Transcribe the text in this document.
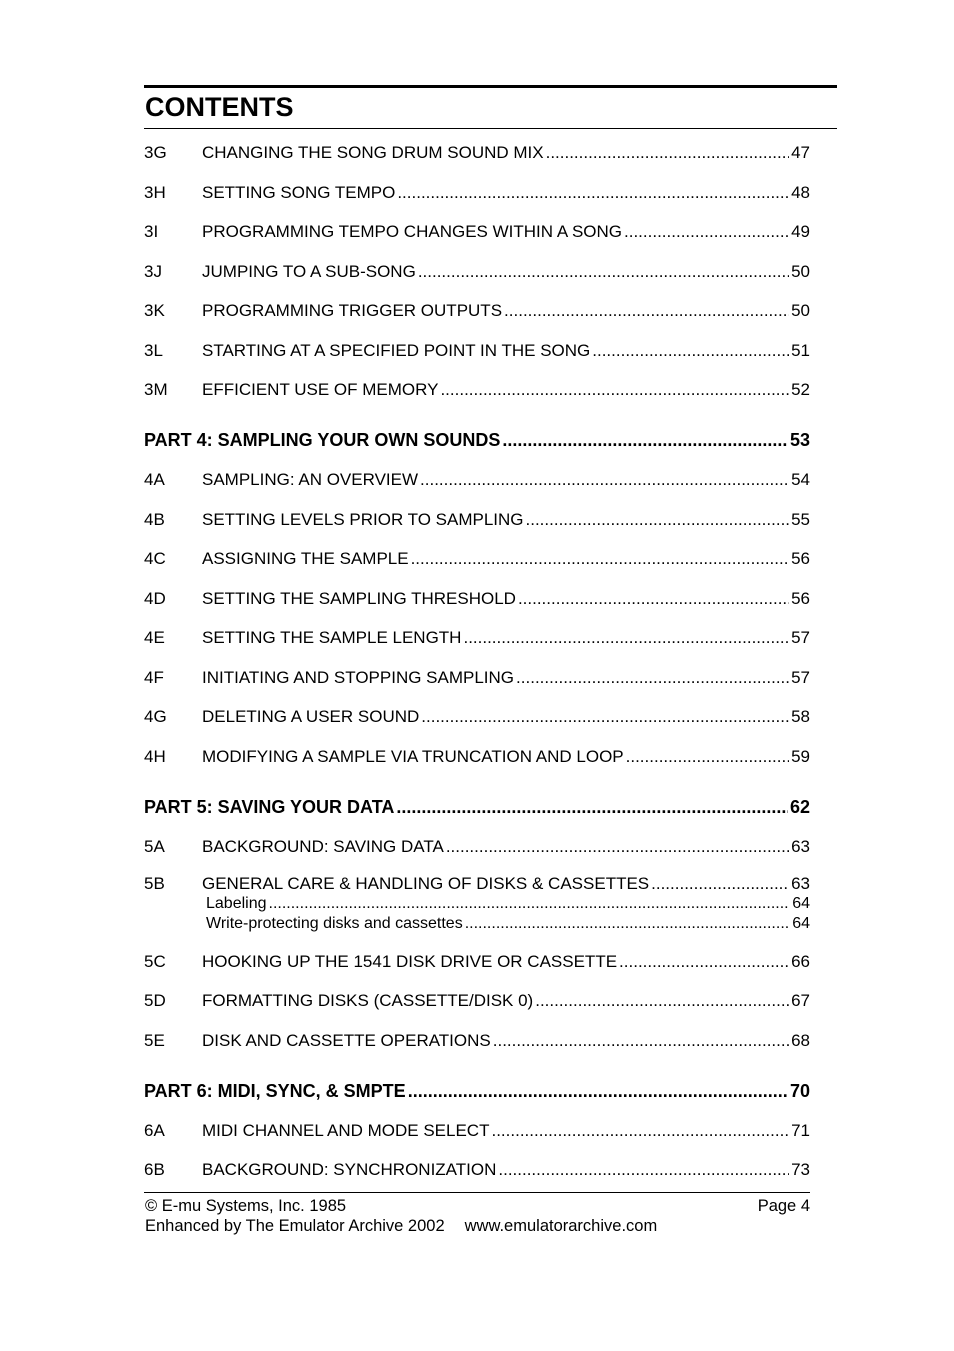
CONTENTS
3G	CHANGING THE SONG DRUM SOUND MIX .....	47
3H	SETTING SONG TEMPO .....	48
3I	PROGRAMMING TEMPO CHANGES WITHIN A SONG .....	49
3J	JUMPING TO A SUB-SONG .....	50
3K	PROGRAMMING TRIGGER OUTPUTS .....	50
3L	STARTING AT A SPECIFIED POINT IN THE SONG .....	51
3M	EFFICIENT USE OF MEMORY .....	52
PART 4: SAMPLING YOUR OWN SOUNDS .....	53
4A	SAMPLING: AN OVERVIEW .....	54
4B	SETTING LEVELS PRIOR TO SAMPLING .....	55
4C	ASSIGNING THE SAMPLE .....	56
4D	SETTING THE SAMPLING THRESHOLD .....	56
4E	SETTING THE SAMPLE LENGTH .....	57
4F	INITIATING AND STOPPING SAMPLING .....	57
4G	DELETING A USER SOUND .....	58
4H	MODIFYING A SAMPLE VIA TRUNCATION AND LOOP .....	59
PART 5: SAVING YOUR DATA .....	62
5A	BACKGROUND: SAVING DATA .....	63
5B	GENERAL CARE & HANDLING OF DISKS & CASSETTES .....	63
Labeling .....	64
Write-protecting disks and cassettes .....	64
5C	HOOKING UP THE 1541 DISK DRIVE OR CASSETTE .....	66
5D	FORMATTING DISKS (CASSETTE/DISK 0) .....	67
5E	DISK AND CASSETTE OPERATIONS .....	68
PART 6: MIDI, SYNC, & SMPTE .....	70
6A	MIDI CHANNEL AND MODE SELECT .....	71
6B	BACKGROUND: SYNCHRONIZATION .....	73
© E-mu Systems, Inc. 1985	Page 4
Enhanced by The Emulator Archive 2002 www.emulatorarchive.com
